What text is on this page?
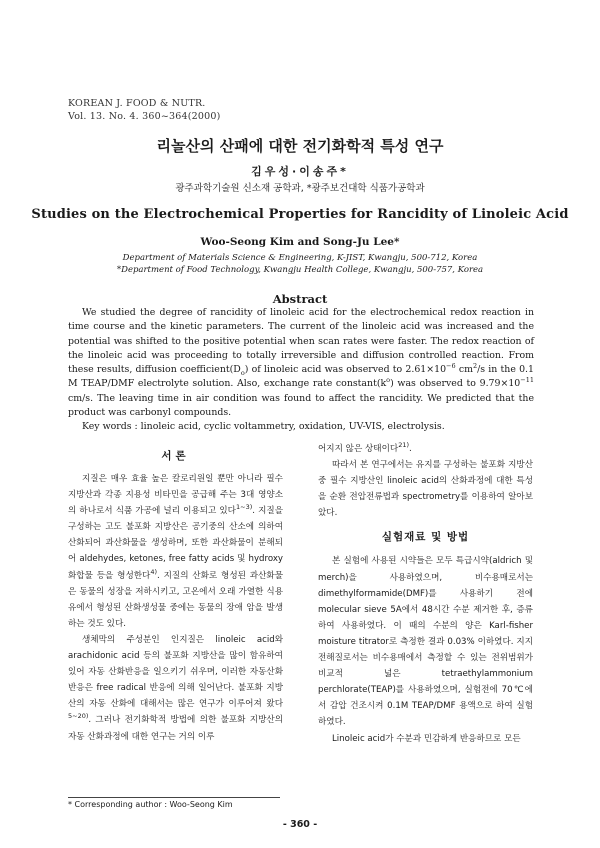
KOREAN J. FOOD & NUTR.
Vol. 13. No. 4. 360~364(2000)
리놀산의 산패에 대한 전기화학적 특성 연구
김우성·이송주*
광주과학기술원 신소재 공학과, *광주보건대학 식품가공학과
Studies on the Electrochemical Properties for Rancidity of Linoleic Acid
Woo-Seong Kim and Song-Ju Lee*
Department of Materials Science & Engineering, K-JIST, Kwangju, 500-712, Korea
*Department of Food Technology, Kwangju Health College, Kwangju, 500-757, Korea
Abstract

We studied the degree of rancidity of linoleic acid for the electrochemical redox reaction in time course and the kinetic parameters. The current of the linoleic acid was increased and the potential was shifted to the positive potential when scan rates were faster. The redox reaction of the linoleic acid was proceeding to totally irreversible and diffusion controlled reaction. From these results, diffusion $coefficient(D_o)$ of linoleic acid was observed to $2.61\times 10^{-6}$ $cm^2/s$ in the 0.1 M TEAP/DMF electrolyte solution. Also, exchange rate $constant(k^o)$ was observed to $9.79\times 10^{-11}$ cm/s. The leaving time in air condition was found to affect the rancidity. We predicted that the product was carbonyl compounds.

Key words : linoleic acid, cyclic voltammetry, oxidation, UV-VIS, electrolysis.
서론

지질은 매우 효율 높은 칼로리원일 뿐만 아니라 필수 지방산과 각종 지용성 비타민을 공급해 주는 3대 영양소의 하나로서 식품 가공에 널리 이용되고 있다$^{1\sim 3)}$. 지질을 구성하는 고도 불포화 지방산은 공기중의 산소에 의하여 산화되어 과산화물을 생성하며, 또한 과산화물이 분해되어 aldehydes, ketones, free fatty acids 및 hydroxy 화합물 등을 형성한다$^{4)}$. 지질의 산화로 형성된 과산화물은 동물의 성장을 저하시키고, 고온에서 오래 가열한 식용유에서 형성된 산화생성물 중에는 동물의 장애 암을 발생하는 것도 있다.

생체막의 주성분인 인지질은 linoleic acid와 arachidonic acid 등의 불포화 지방산을 많이 함유하여 있어 자동 산화반응을 일으키기 쉬우며, 이러한 자동산화반응은 free radical 반응에 의해 일어난다. 불포화 지방산의 자동 산화에 대해서는 많은 연구가 이루어져 왔다$^{5\sim 20)}$. 그러나 전기화학적 방법에 의한 불포화 지방산의 자동 산화과정에 대한 연구는 거의 이루

어지지 않은 상태이다$^{21)}$.

따라서 본 연구에서는 유지를 구성하는 불포화 지방산 중 필수 지방산인 linoleic acid의 산화과정에 대한 특성을 순환 전압전류법과 spectrometry를 이용하여 알아보았다.

실험재료 및 방법

본 실험에 사용된 시약들은 모두 특급시약(aldrich 및 merch)을 사용하였으며, 비수용매로서는 dimethylformamide(DMF)를 사용하기 전에 molecular sieve 5A에서 48시간 수분 제거한 후, 증류하여 사용하였다. 이 때의 수분의 양은 Karl-fisher moisture titrator로 측정한 결과 0.03% 이하였다. 지지전해질로서는 비수용매에서 측정할 수 있는 전위범위가 비교적 넓은 tetraethylammonium perchlorate(TEAP)를 사용하였으며, 실험전에 70℃에서 감압 건조시켜 0.1M TEAP/DMF 용액으로 하여 실험하였다.

Linoleic acid가 수분과 민감하게 반응하므로 모든

* Corresponding author : Woo-Seong Kim
- 360 -
